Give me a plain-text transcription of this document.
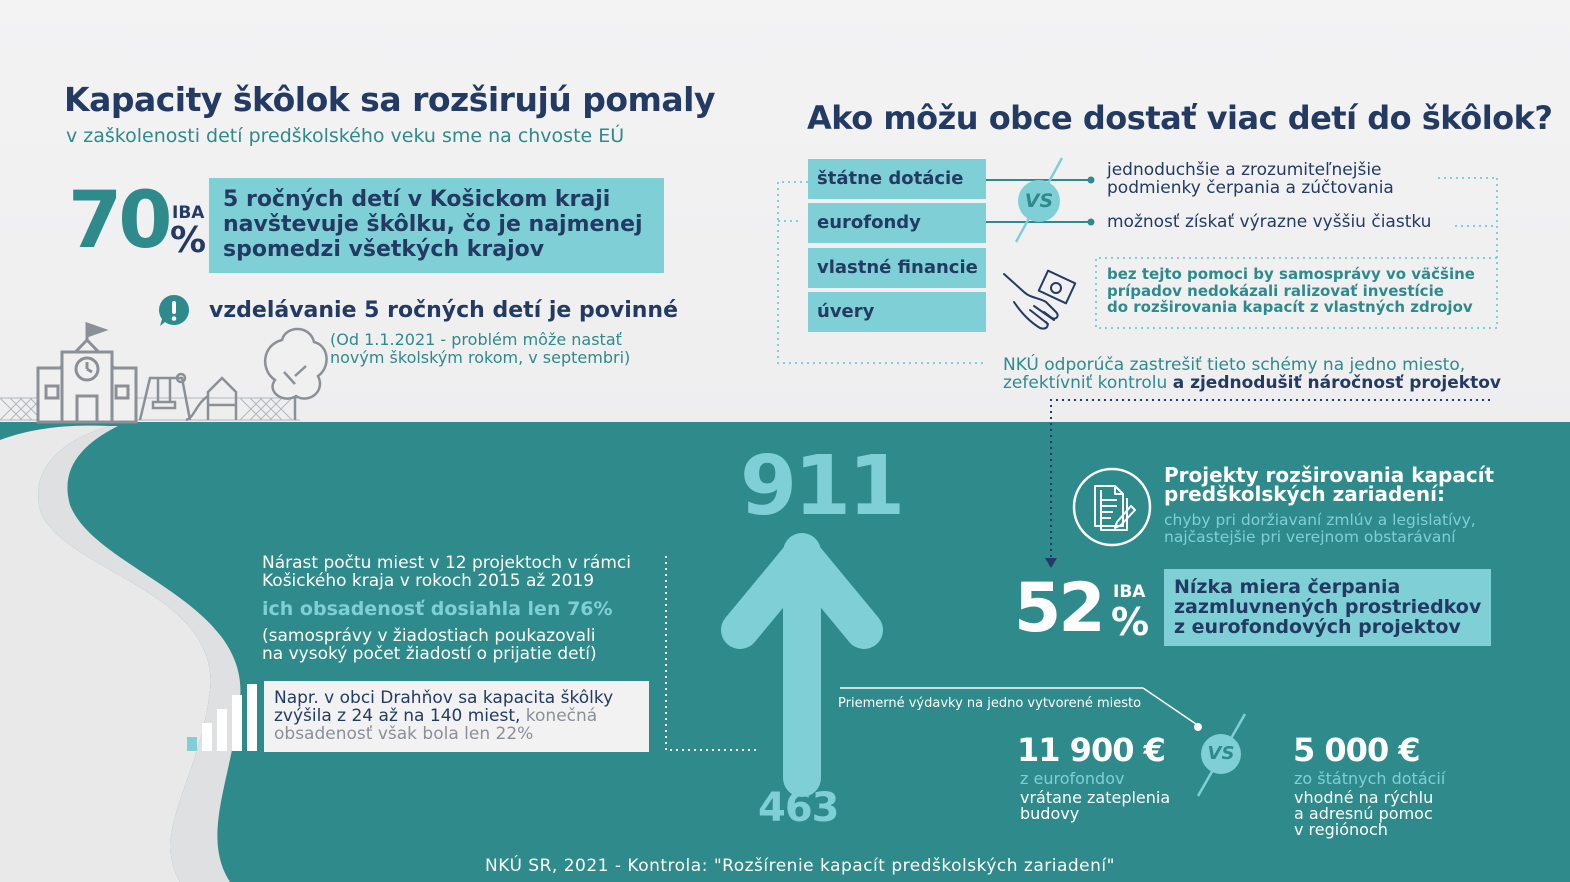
Kapacity škôlok sa rozširujú pomaly
v zaškolenosti detí predškolského veku sme na chvoste EÚ
70 IBA
%
5 ročných detí v Košickom kraji
navštevuje škôlku, čo je najmenej
spomedzi všetkých krajov
vzdelávanie 5 ročných detí je povinné
(Od 1.1.2021 - problém môže nastať
novým školským rokom, v septembri)
Ako môžu obce dostať viac detí do škôlok?
štátne dotácie
eurofondy
vlastné financie
úvery
VS
jednoduchšie a zrozumiteľnejšie
podmienky čerpania a zúčtovania
možnosť získať výrazne vyššiu čiastku
bez tejto pomoci by samosprávy vo väčšine
prípadov nedokázali ralizovať investície
do rozširovania kapacít z vlastných zdrojov
NKÚ odporúča zastrešiť tieto schémy na jedno miesto,
zefektívniť kontrolu a zjednodušiť náročnosť projektov
911
463
Nárast počtu miest v 12 projektoch v rámci
Košického kraja v rokoch 2015 až 2019
ich obsadenosť dosiahla len 76%
(samosprávy v žiadostiach poukazovali
na vysoký počet žiadostí o prijatie detí)
Napr. v obci Drahňov sa kapacita škôlky
zvýšila z 24 až na 140 miest, konečná
obsadenosť však bola len 22%
Projekty rozširovania kapacít
predškolských zariadení:
chyby pri doržiavaní zmlúv a legislatívy,
najčastejšie pri verejnom obstarávaní
52 IBA
%
Nízka miera čerpania
zazmluvnených prostriedkov
z eurofondových projektov
Priemerné výdavky na jedno vytvorené miesto
11 900 €
z eurofondov
vrátane zateplenia
budovy
VS 5 000 €
zo štátnych dotácií
vhodné na rýchlu
a adresnú pomoc
v regiónoch
NKÚ SR, 2021 - Kontrola: "Rozšírenie kapacít predškolských zariadení"
